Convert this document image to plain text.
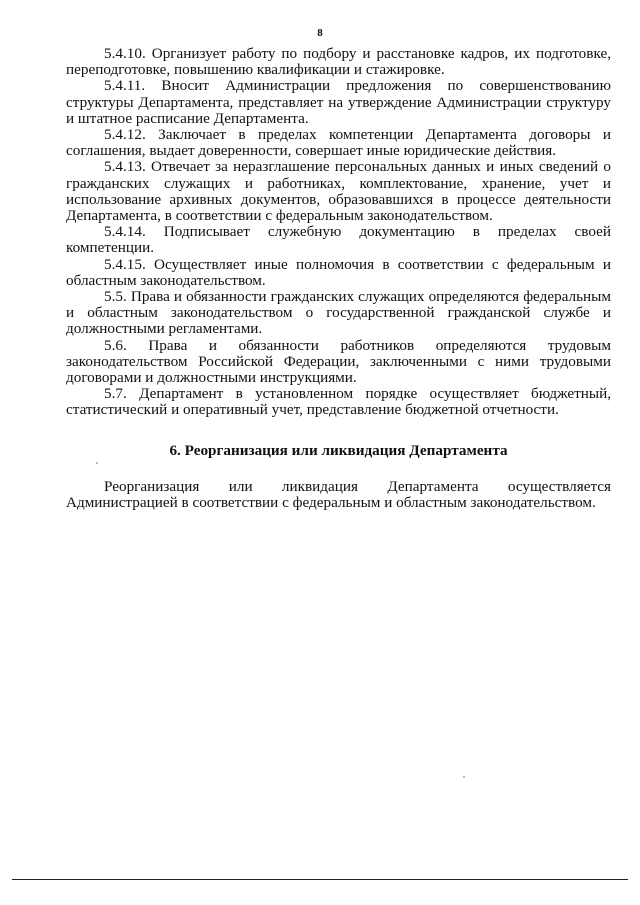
8

5.4.10. Организует работу по подбору и расстановке кадров, их подготовке, переподготовке, повышению квалификации и стажировке.

5.4.11. Вносит Администрации предложения по совершенствованию структуры Департамента, представляет на утверждение Администрации структуру и штатное расписание Департамента.

5.4.12. Заключает в пределах компетенции Департамента договоры и соглашения, выдает доверенности, совершает иные юридические действия.

5.4.13. Отвечает за неразглашение персональных данных и иных сведений о гражданских служащих и работниках, комплектование, хранение, учет и использование архивных документов, образовавшихся в процессе деятельности Департамента, в соответствии с федеральным законодательством.

5.4.14. Подписывает служебную документацию в пределах своей компетенции.

5.4.15. Осуществляет иные полномочия в соответствии с федеральным и областным законодательством.

5.5. Права и обязанности гражданских служащих определяются федеральным и областным законодательством о государственной гражданской службе и должностными регламентами.

5.6. Права и обязанности работников определяются трудовым законодательством Российской Федерации, заключенными с ними трудовыми договорами и должностными инструкциями.

5.7. Департамент в установленном порядке осуществляет бюджетный, статистический и оперативный учет, представление бюджетной отчетности.

6. Реорганизация или ликвидация Департамента

Реорганизация или ликвидация Департамента осуществляется Администрацией в соответствии с федеральным и областным законодательством.
